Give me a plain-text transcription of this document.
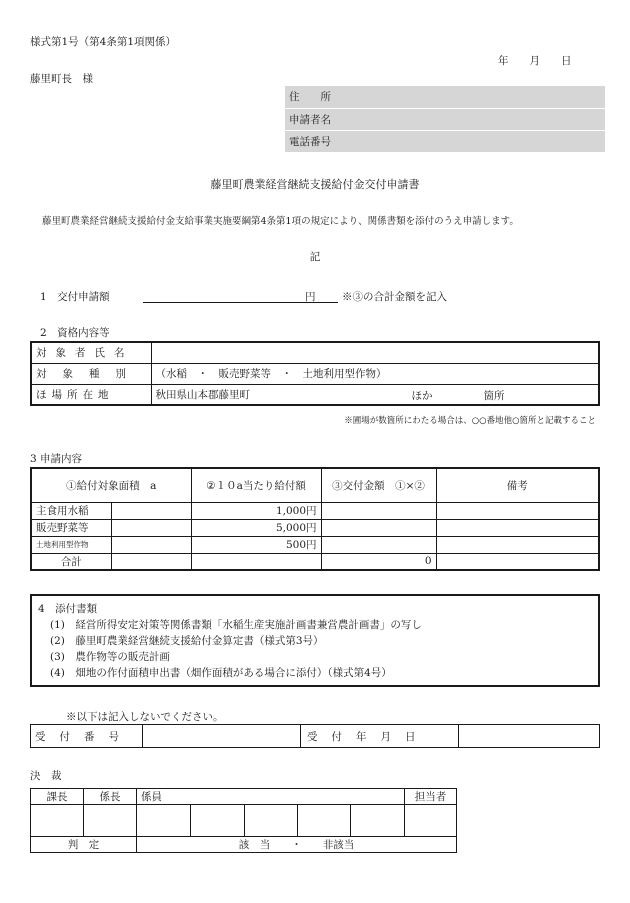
様式第1号（第4条第1項関係）
年　　月　　日
藤里町長　様
住　　所
申請者名
電話番号
藤里町農業経営継続支援給付金交付申請書
藤里町農業経営継続支援給付金支給事業実施要綱第4条第1項の規定により、関係書類を添付のうえ申請します。
記
1　交付申請額	円	※③の合計金額を記入
2　資格内容等
対象者氏名	
対象種別	（水稲　・　販売野菜等　・　土地利用型作物）
ほ場所在地	秋田県山本郡藤里町 ほか 箇所
※圃場が数箇所にわたる場合は、○○番地他○箇所と記載すること
3 申請内容
①給付対象面積　a		②１０a当たり給付額	③交付金額　①×②	備考
主食用水稲		1,000円		
販売野菜等		5,000円		
土地利用型作物		500円		
合計			0	
4　添付書類
(1)　経営所得安定対策等関係書類「水稲生産実施計画書兼営農計画書」の写し
(2)　藤里町農業経営継続支援給付金算定書（様式第3号）
(3)　農作物等の販売計画
(4)　畑地の作付面積申出書（畑作面積がある場合に添付）（様式第4号）
※以下は記入しないでください。
受付番号		受付年月日	
決　裁
課長	係長	係員					担当者

判　定		該　当　　・　　非該当					
